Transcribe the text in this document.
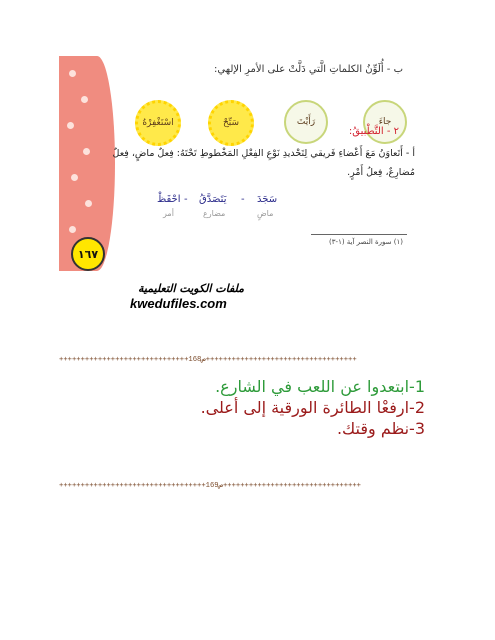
ب - أُلَوِّنُ الكلماتِ الَّتي دَلَّتْ على الأمرِ الإلهي:
جاءَ
رَأَيْتَ
سَبِّحْ
اسْتَغْفِرْهُ
٢ - التَّطْبيقُ:
أ - أَتَعاوَنُ مَعَ أَعْضاءِ فَريقي لِتَحْديدِ نَوْعِ الفِعْلِ المَخْطوطِ تَحْتَهُ: فِعلٌ ماضٍ، فِعلٌ
مُضارِعٌ، فِعلُ أَمْرٍ.
سَجَدَ
ماضٍ
-
يَتَصَدَّقُ
مضارع
-
احْفَظْ
أمر
(١) سورة النصر آية (١-٣)
١٦٧
ملفات الكويت التعليمية
kwedufiles.com
++++++++++++++++++++++++++++++ص168+++++++++++++++++++++++++++++++++++
1-ابتعدوا عن اللعب في الشارع.
2-ارفعْا الطائرة الورقية إلى أعلى.
3-نظم وقتك.
++++++++++++++++++++++++++++++++++ص169++++++++++++++++++++++++++++++++
